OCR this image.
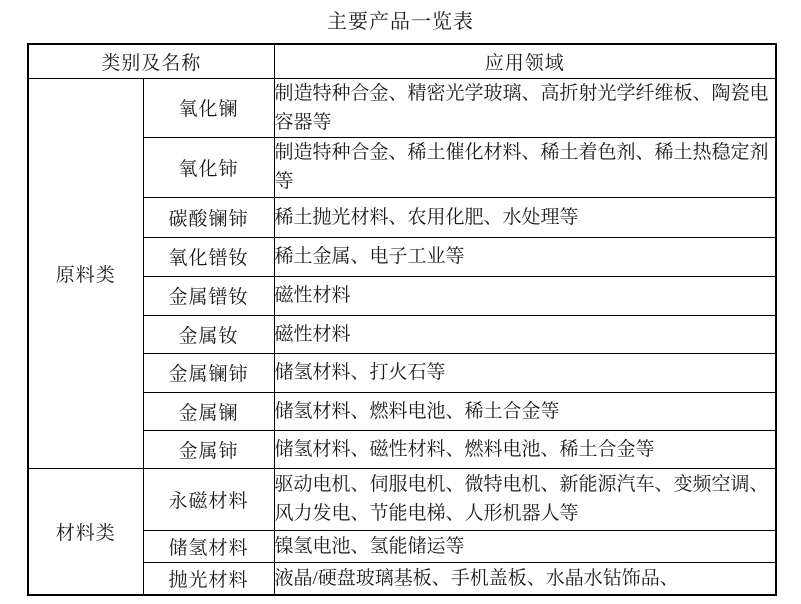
主要产品一览表
类别及名称		应用领域
原料类	氧化镧	制造特种合金、精密光学玻璃、高折射光学纤维板、陶瓷电容器等
	氧化铈	制造特种合金、稀土催化材料、稀土着色剂、稀土热稳定剂等
	碳酸镧铈	稀土抛光材料、农用化肥、水处理等
	氧化镨钕	稀土金属、电子工业等
	金属镨钕	磁性材料
	金属钕	磁性材料
	金属镧铈	储氢材料、打火石等
	金属镧	储氢材料、燃料电池、稀土合金等
	金属铈	储氢材料、磁性材料、燃料电池、稀土合金等
材料类	永磁材料	驱动电机、伺服电机、微特电机、新能源汽车、变频空调、风力发电、节能电梯、人形机器人等
	储氢材料	镍氢电池、氢能储运等
	抛光材料	液晶/硬盘玻璃基板、手机盖板、水晶水钻饰品、
